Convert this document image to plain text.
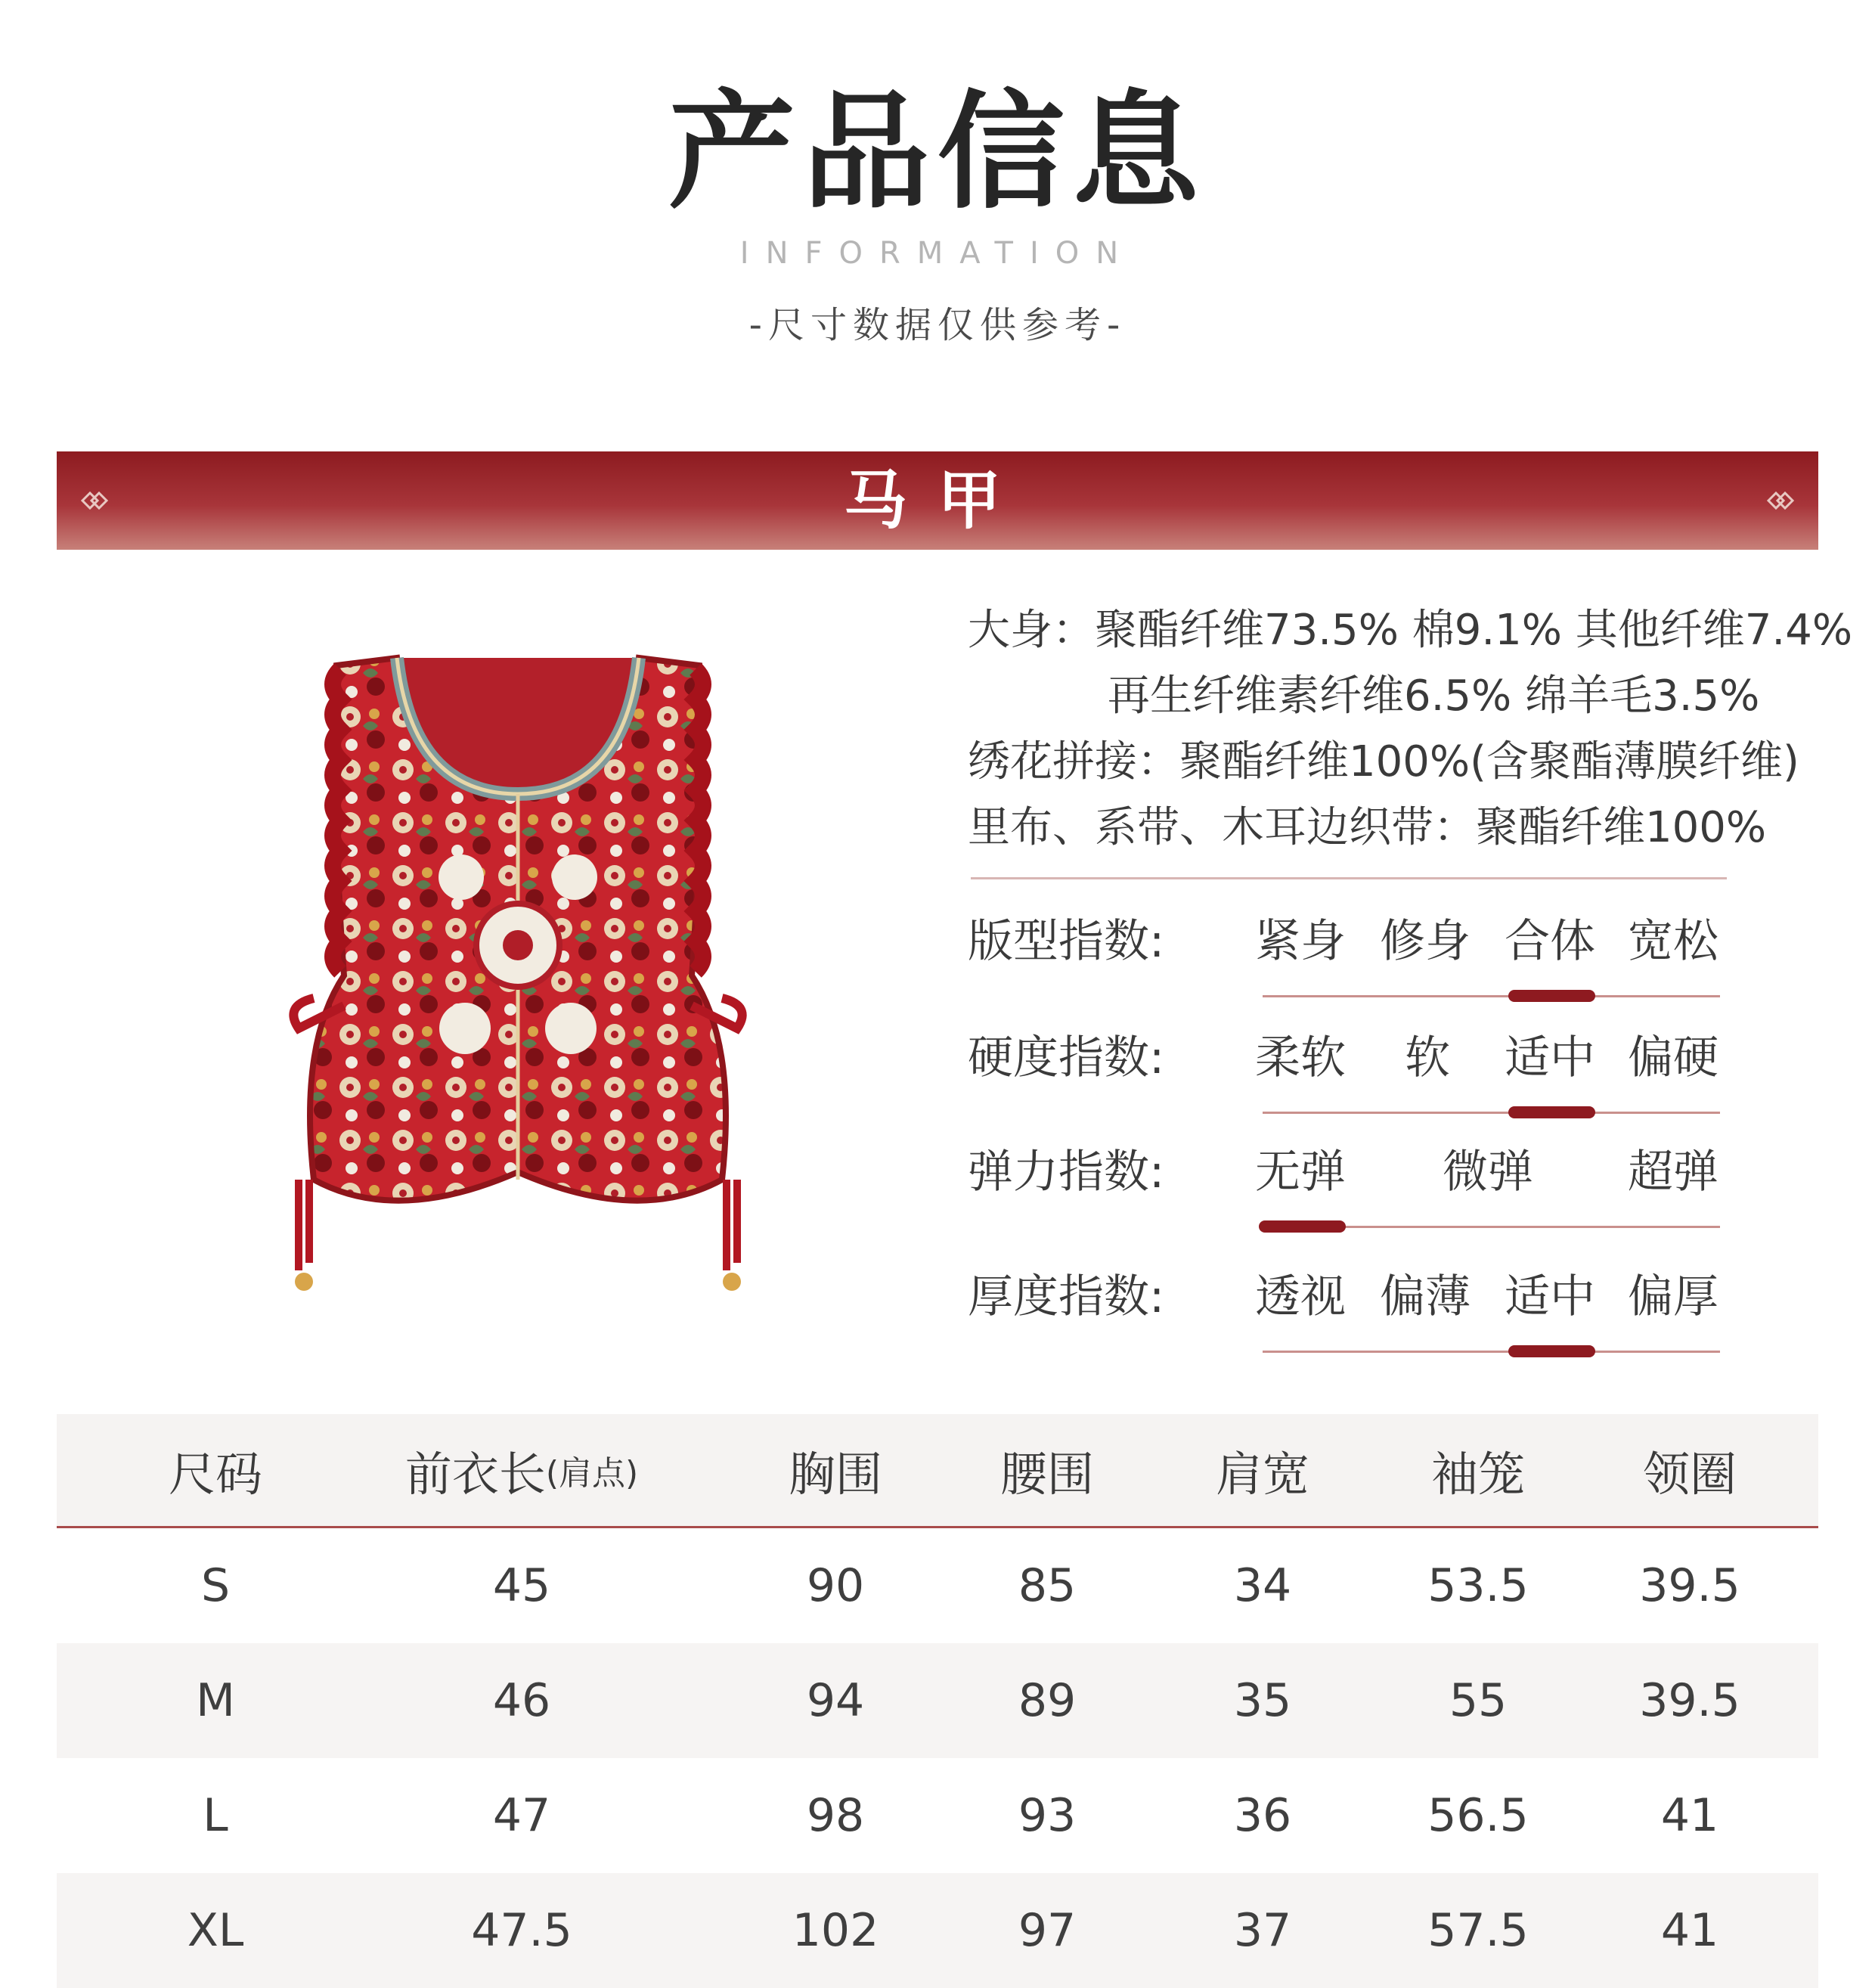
产品信息
INFORMATION
-尺寸数据仅供参考-
马甲
大身：聚酯纤维73.5% 棉9.1% 其他纤维7.4%
再生纤维素纤维6.5% 绵羊毛3.5%
绣花拼接：聚酯纤维100%(含聚酯薄膜纤维)
里布、系带、木耳边织带：聚酯纤维100%
版型指数: 紧身 修身 合体 宽松
硬度指数: 柔软 软 适中 偏硬
弹力指数: 无弹 微弹 超弹
厚度指数: 透视 偏薄 适中 偏厚
尺码	前衣长 (肩点)	胸围	腰围	肩宽	袖笼	领圈
S	45	90	85	34	53.5	39.5
M	46	94	89	35	55	39.5
L	47	98	93	36	56.5	41
XL	47.5	102	97	37	57.5	41
